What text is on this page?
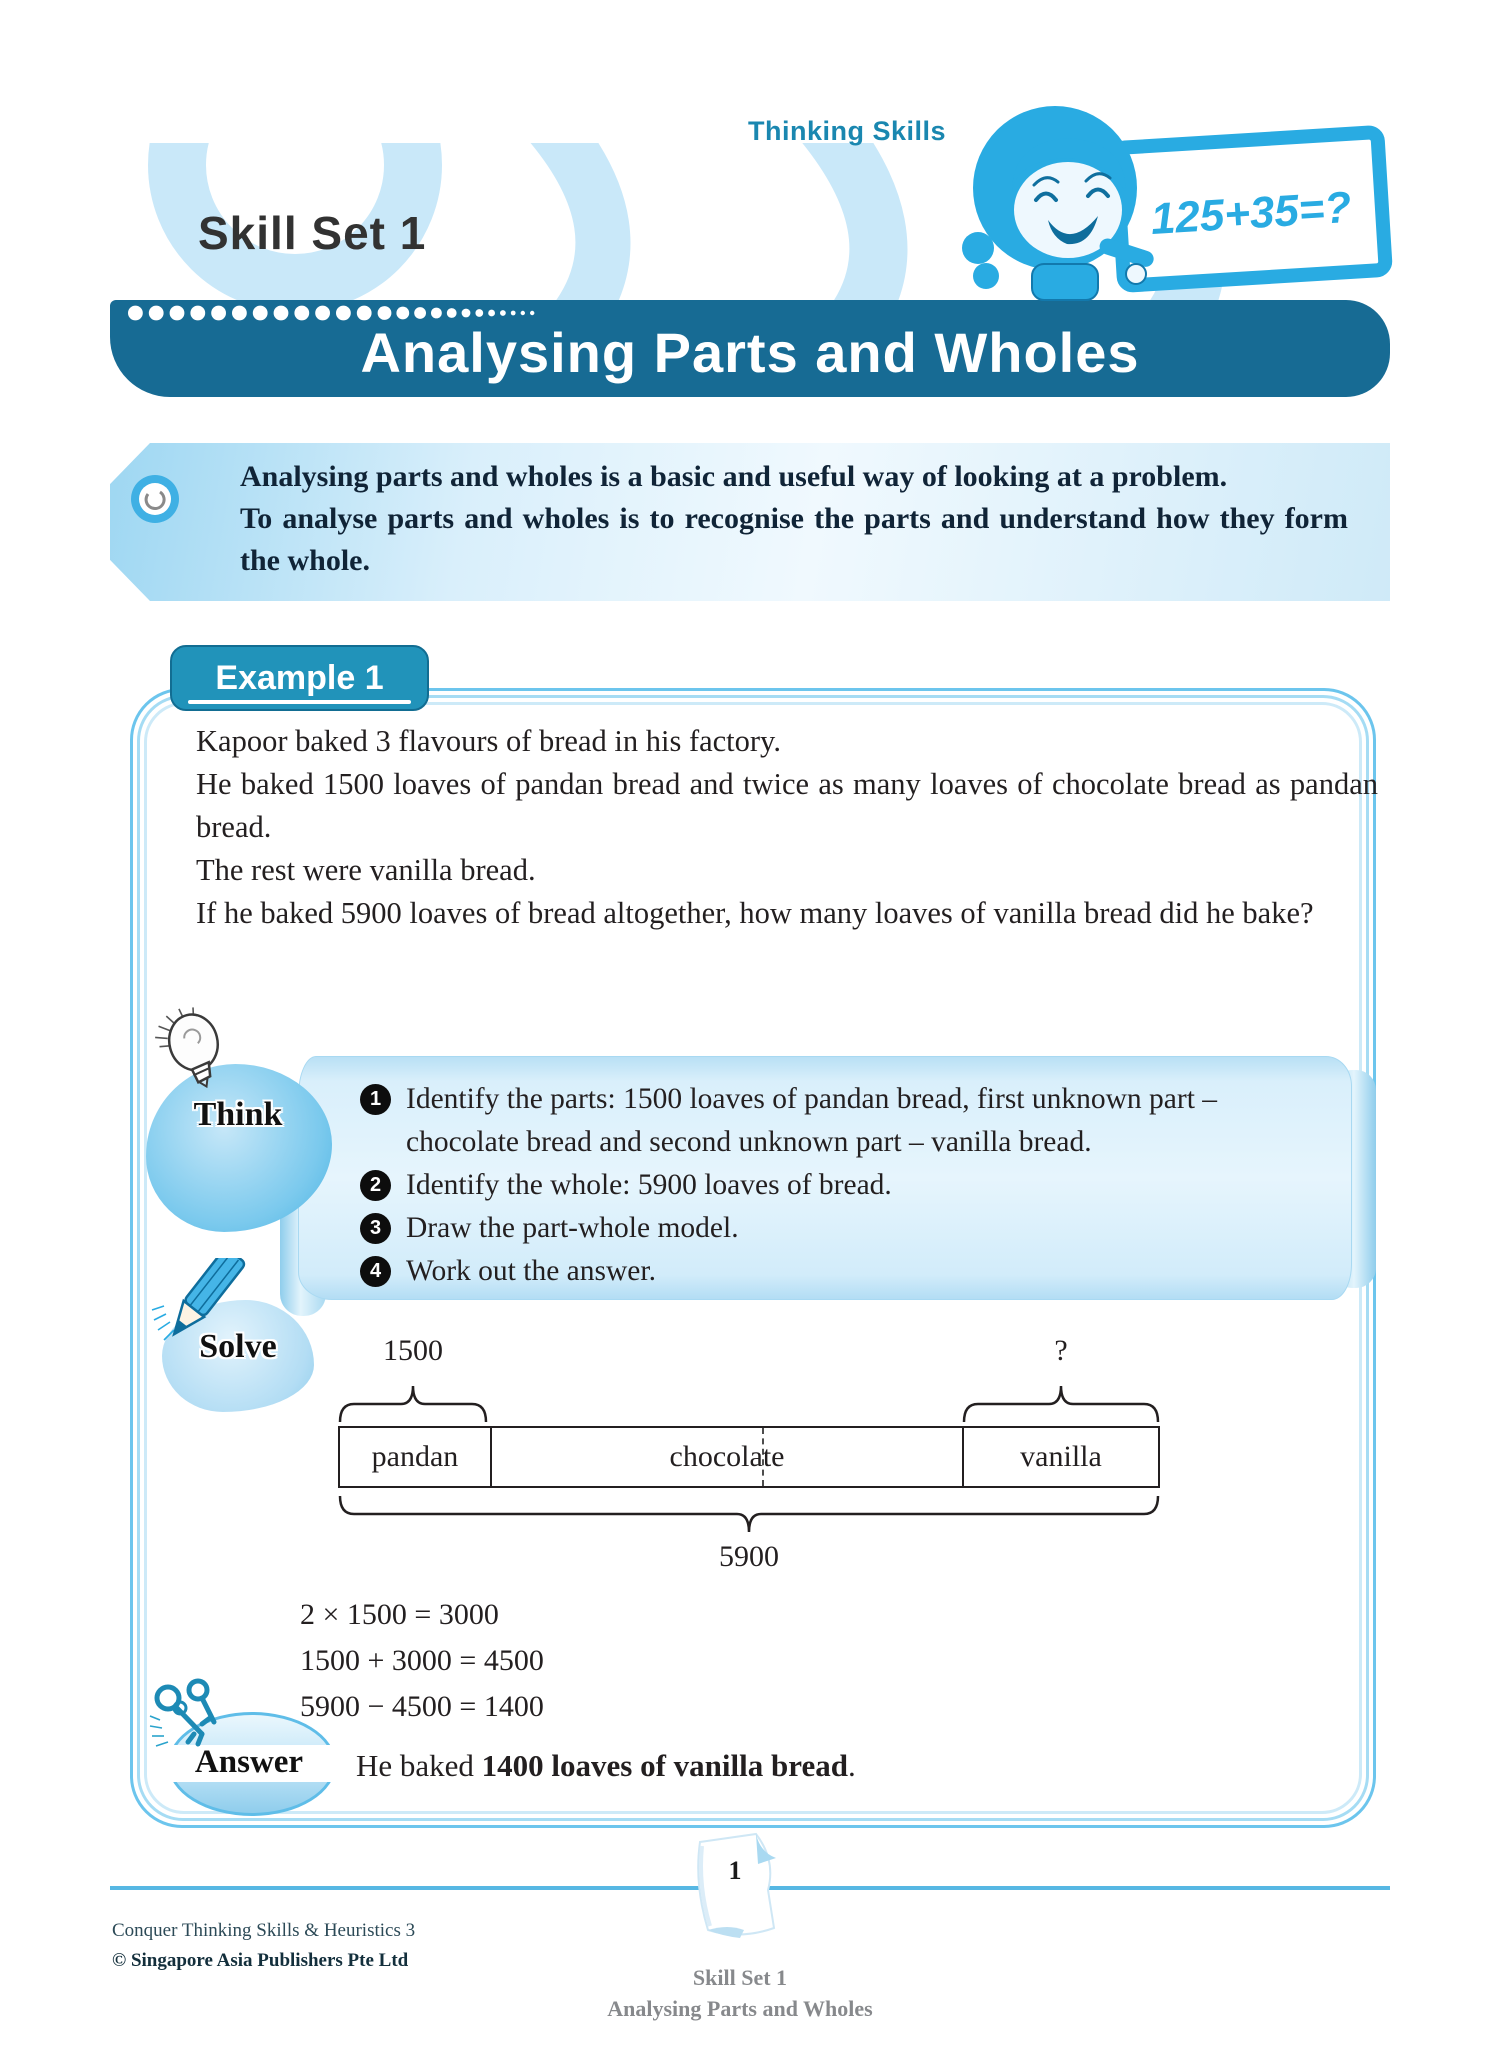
Thinking Skills
Skill Set 1	125+35=?
Analysing Parts and Wholes
Analysing parts and wholes is a basic and useful way of looking at a problem.
To analyse parts and wholes is to recognise the parts and understand how they form the whole.
Example 1

Kapoor baked 3 flavours of bread in his factory.

He baked 1500 loaves of pandan bread and twice as many loaves of chocolate bread as pandan bread.

The rest were vanilla bread.

If he baked 5900 loaves of bread altogether, how many loaves of vanilla bread did he bake?

Think	1 Identify the parts: 1500 loaves of pandan bread, first unknown part – chocolate bread and second unknown part – vanilla bread.
2 Identify the whole: 5900 loaves of bread.
3 Draw the part-whole model.
4 Work out the answer.
Solve	1500	?
pandan	chocolate	vanilla
5900
2 × 1500 = 3000
1500 + 3000 = 4500
5900 − 4500 = 1400
Answer	He baked 1400 loaves of vanilla bread.
1
Conquer Thinking Skills & Heuristics 3
© Singapore Asia Publishers Pte Ltd
Skill Set 1
Analysing Parts and Wholes
